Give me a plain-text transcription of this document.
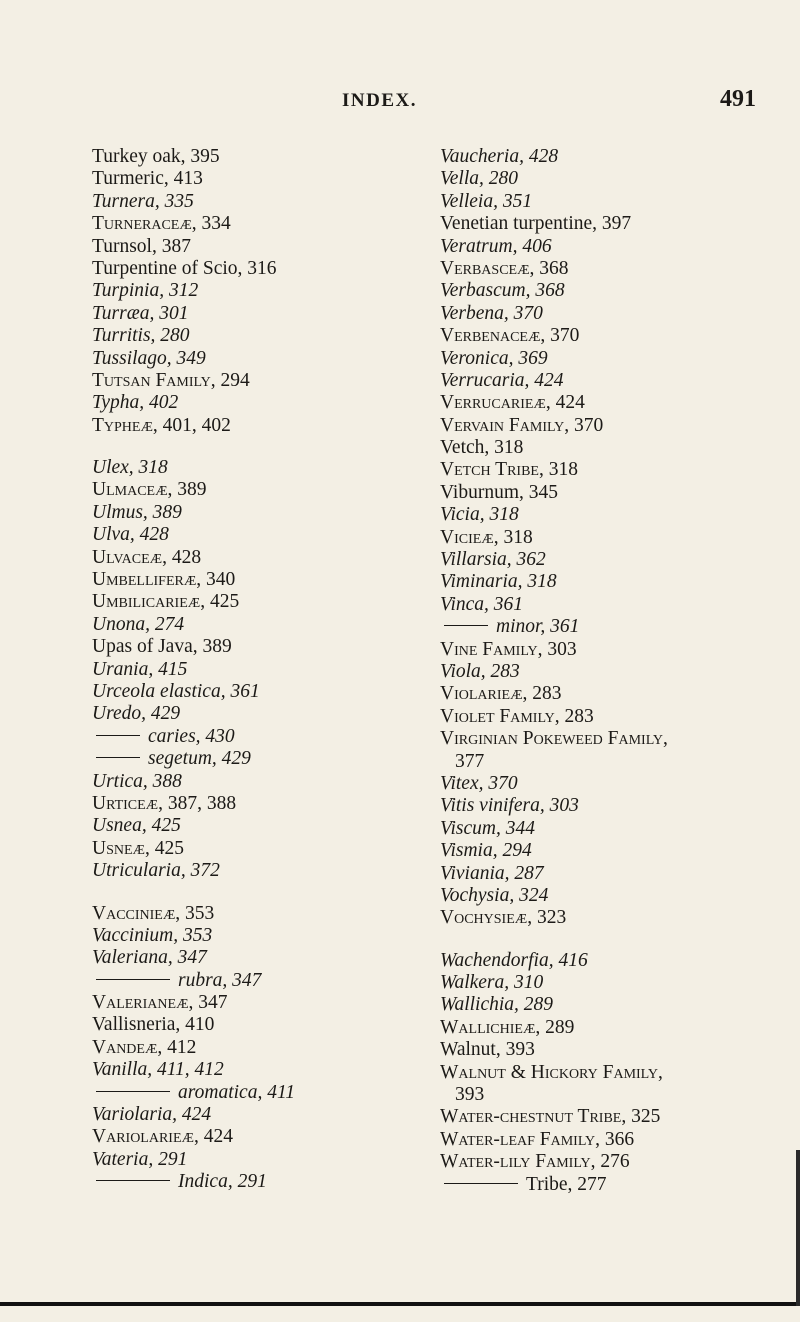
INDEX.	491
Turkey oak, 395
Turmeric, 413
Turnera, 335
Turneraceæ, 334
Turnsol, 387
Turpentine of Scio, 316
Turpinia, 312
Turræa, 301
Turritis, 280
Tussilago, 349
Tutsan Family, 294
Typha, 402
Typheæ, 401, 402
Ulex, 318
Ulmaceæ, 389
Ulmus, 389
Ulva, 428
Ulvaceæ, 428
Umbelliferæ, 340
Umbilicarieæ, 425
Unona, 274
Upas of Java, 389
Urania, 415
Urceola elastica, 361
Uredo, 429
caries, 430
segetum, 429
Urtica, 388
Urticeæ, 387, 388
Usnea, 425
Usneæ, 425
Utricularia, 372
Vaccinieæ, 353
Vaccinium, 353
Valeriana, 347
rubra, 347
Valerianeæ, 347
Vallisneria, 410
Vandeæ, 412
Vanilla, 411, 412
aromatica, 411
Variolaria, 424
Variolarieæ, 424
Vateria, 291
Indica, 291
Vaucheria, 428
Vella, 280
Velleia, 351
Venetian turpentine, 397
Veratrum, 406
Verbasceæ, 368
Verbascum, 368
Verbena, 370
Verbenaceæ, 370
Veronica, 369
Verrucaria, 424
Verrucarieæ, 424
Vervain Family, 370
Vetch, 318
Vetch Tribe, 318
Viburnum, 345
Vicia, 318
Vicieæ, 318
Villarsia, 362
Viminaria, 318
Vinca, 361
minor, 361
Vine Family, 303
Viola, 283
Violarieæ, 283
Violet Family, 283
Virginian Pokeweed Family,
377
Vitex, 370
Vitis vinifera, 303
Viscum, 344
Vismia, 294
Viviania, 287
Vochysia, 324
Vochysieæ, 323
Wachendorfia, 416
Walkera, 310
Wallichia, 289
Wallichieæ, 289
Walnut, 393
Walnut & Hickory Family,
393
Water-chestnut Tribe, 325
Water-leaf Family, 366
Water-lily Family, 276
Tribe, 277
